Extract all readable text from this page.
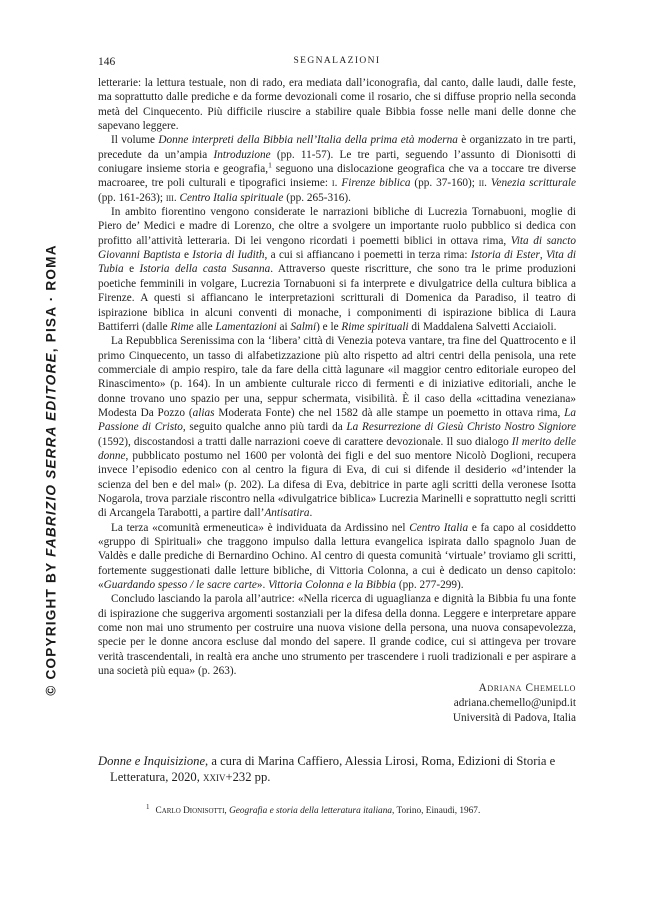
© COPYRIGHT BY FABRIZIO SERRA EDITORE, PISA · ROMA
146	SEGNALAZIONI

letterarie: la lettura testuale, non di rado, era mediata dall’iconografia, dal canto, dalle laudi, dalle feste, ma soprattutto dalle prediche e da forme devozionali come il rosario, che si diffuse proprio nella seconda metà del Cinquecento. Più difficile riuscire a stabilire quale Bibbia fosse nelle mani delle donne che sapevano leggere.

Il volume Donne interpreti della Bibbia nell’Italia della prima età moderna è organizzato in tre parti, precedute da un’ampia Introduzione (pp. 11-57). Le tre parti, seguendo l’assunto di Dionisotti di coniugare insieme storia e geografia,$^1$ seguono una dislocazione geografica che va a toccare tre diverse macroaree, tre poli culturali e tipografici insieme: i. Firenze biblica (pp. 37-160); ii. Venezia scritturale (pp. 161-263); iii. Centro Italia spirituale (pp. 265-316).

In ambito fiorentino vengono considerate le narrazioni bibliche di Lucrezia Tornabuoni, moglie di Piero de’ Medici e madre di Lorenzo, che oltre a svolgere un importante ruolo pubblico si dedica con profitto all’attività letteraria. Di lei vengono ricordati i poemetti biblici in ottava rima, Vita di sancto Giovanni Baptista e Istoria di Iudith, a cui si affiancano i poemetti in terza rima: Istoria di Ester, Vita di Tubia e Istoria della casta Susanna. Attraverso queste riscritture, che sono tra le prime produzioni poetiche femminili in volgare, Lucrezia Tornabuoni si fa interprete e divulgatrice della cultura biblica a Firenze. A questi si affiancano le interpretazioni scritturali di Domenica da Paradiso, il teatro di ispirazione biblica in alcuni conventi di monache, i componimenti di ispirazione biblica di Laura Battiferri (dalle Rime alle Lamentazioni ai Salmi) e le Rime spirituali di Maddalena Salvetti Acciaioli.

La Repubblica Serenissima con la ‘libera’ città di Venezia poteva vantare, tra fine del Quattrocento e il primo Cinquecento, un tasso di alfabetizzazione più alto rispetto ad altri centri della penisola, una rete commerciale di ampio respiro, tale da fare della città lagunare «il maggior centro editoriale europeo del Rinascimento» (p. 164). In un ambiente culturale ricco di fermenti e di iniziative editoriali, anche le donne trovano uno spazio per una, seppur schermata, visibilità. È il caso della «cittadina veneziana» Modesta Da Pozzo (alias Moderata Fonte) che nel 1582 dà alle stampe un poemetto in ottava rima, La Passione di Cristo, seguito qualche anno più tardi da La Resurrezione di Giesù Christo Nostro Signiore (1592), discostandosi a tratti dalle narrazioni coeve di carattere devozionale. Il suo dialogo Il merito delle donne, pubblicato postumo nel 1600 per volontà dei figli e del suo mentore Nicolò Doglioni, recupera invece l’episodio edenico con al centro la figura di Eva, di cui si difende il desiderio «d’intender la scienza del ben e del mal» (p. 202). La difesa di Eva, debitrice in parte agli scritti della veronese Isotta Nogarola, trova parziale riscontro nella «divulgatrice biblica» Lucrezia Marinelli e soprattutto negli scritti di Arcangela Tarabotti, a partire dall’Antisatira.

La terza «comunità ermeneutica» è individuata da Ardissino nel Centro Italia e fa capo al cosiddetto «gruppo di Spirituali» che traggono impulso dalla lettura evangelica ispirata dallo spagnolo Juan de Valdès e dalle prediche di Bernardino Ochino. Al centro di questa comunità ‘virtuale’ troviamo gli scritti, fortemente suggestionati dalle letture bibliche, di Vittoria Colonna, a cui è dedicato un denso capitolo: «Guardando spesso / le sacre carte». Vittoria Colonna e la Bibbia (pp. 277-299).

Concludo lasciando la parola all’autrice: «Nella ricerca di uguaglianza e dignità la Bibbia fu una fonte di ispirazione che suggeriva argomenti sostanziali per la difesa della donna. Leggere e interpretare appare come non mai uno strumento per costruire una nuova visione della persona, una nuova consapevolezza, specie per le donne ancora escluse dal mondo del sapere. Il grande codice, cui si attingeva per trovare verità trascendentali, in realtà era anche uno strumento per trascendere i ruoli tradizionali e per aspirare a una società più equa» (p. 263).

Adriana Chemello
adriana.chemello@unipd.it
Università di Padova, Italia
Donne e Inquisizione, a cura di Marina Caffiero, Alessia Lirosi, Roma, Edizioni di Storia e Letteratura, 2020, xxiv+232 pp.
$^1$ Carlo Dionisotti, Geografia e storia della letteratura italiana, Torino, Einaudi, 1967.
